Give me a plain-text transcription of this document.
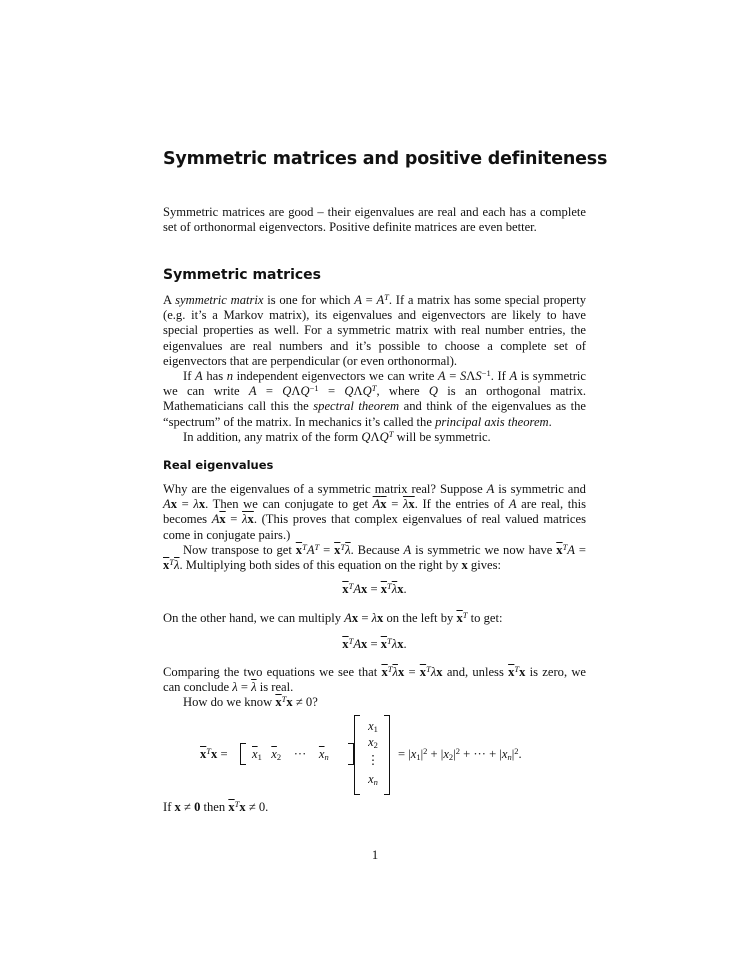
Symmetric matrices and positive definiteness

Symmetric matrices are good – their eigenvalues are real and each has a complete set of orthonormal eigenvectors. Positive definite matrices are even better.

Symmetric matrices

A symmetric matrix is one for which $A = A^T$. If a matrix has some special property (e.g. it’s a Markov matrix), its eigenvalues and eigenvectors are likely to have special properties as well. For a symmetric matrix with real number entries, the eigenvalues are real numbers and it’s possible to choose a complete set of eigenvectors that are perpendicular (or even orthonormal).

If A has n independent eigenvectors we can write $A = S\Lambda S^{-1}$. If A is symmetric we can write $A = Q\Lambda Q^{-1} = Q\Lambda Q^T$, where Q is an orthogonal matrix. Mathematicians call this the spectral theorem and think of the eigenvalues as the “spectrum” of the matrix. In mechanics it’s called the principal axis theorem.

In addition, any matrix of the form $Q\Lambda Q^T$ will be symmetric.

Real eigenvalues

Why are the eigenvalues of a symmetric matrix real? Suppose A is symmetric and Ax = λx. Then we can conjugate to get Ax = λx. If the entries of A are real, this becomes $A\overline{x} = \overline{\lambda}\overline{x}$. (This proves that complex eigenvalues of real valued matrices come in conjugate pairs.)

Now transpose to get $\overline{x}^TA^T = \overline{x}^T\overline{\lambda}$. Because A is symmetric we now have $\overline{x}^TA = \overline{x}^T\overline{\lambda}$. Multiplying both sides of this equation on the right by x gives:

$\overline{x}^TAx = \overline{x}^T\overline{\lambda}x$.

On the other hand, we can multiply Ax = λx on the left by $\overline{x}^T$ to get:

$\overline{x}^TAx = \overline{x}^T\lambda x$.

Comparing the two equations we see that $\overline{x}^T\overline{\lambda}x = \overline{x}^T\lambda x$ and, unless $\overline{x}^Tx$ is zero, we can conclude $\lambda = \overline{\lambda}$ is real.

How do we know $\overline{x}^Tx \ne 0$?

$\overline{x}^Tx = \overline{x}_1$ $\overline{x}_2$    ···    $\overline{x}_n$
$x_1$
$x_2$
⋮
$x_n$
= $|x_1|^2 + |x_2|^2$ + ··· + $|x_n|^2$.

If x ≠ 0 then $\overline{x}^Tx \ne 0$.

1
